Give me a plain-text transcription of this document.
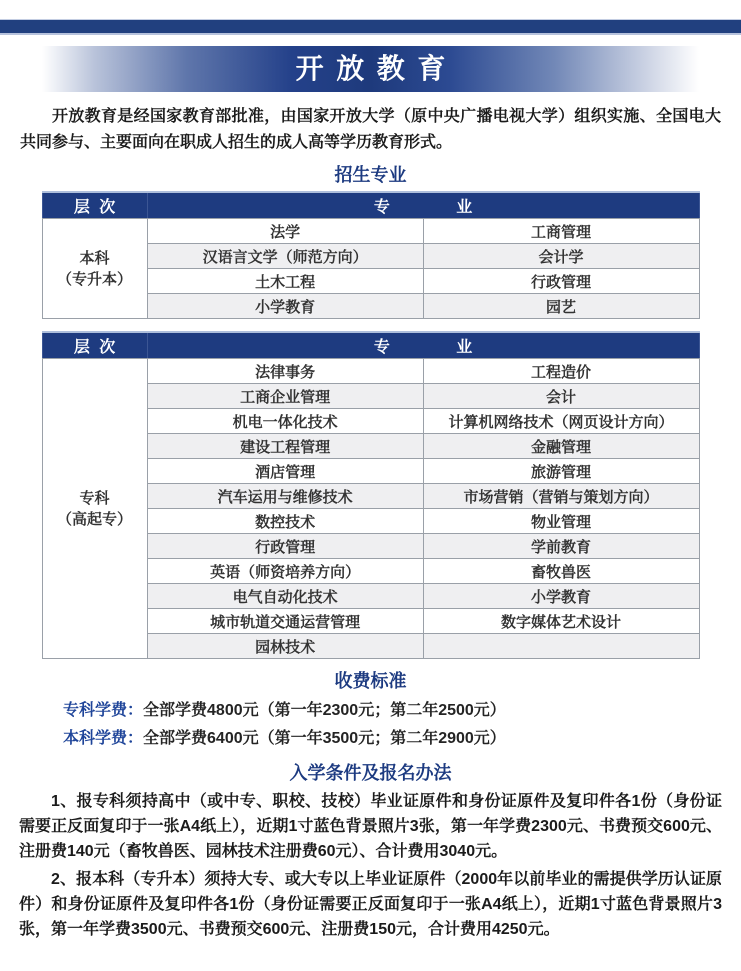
开放教育

开放教育是经国家教育部批准，由国家开放大学（原中央广播电视大学）组织实施、全国电大共同参与、主要面向在职成人招生的成人高等学历教育形式。

招生专业
层 次	专 业	

本科
（专升本）	法学	工商管理
	汉语言文学（师范方向）	会计学
	土木工程	行政管理
	小学教育	园艺
层 次	专 业	

专科
（高起专）	法律事务	工程造价
	工商企业管理	会计
	机电一体化技术	计算机网络技术（网页设计方向）
	建设工程管理	金融管理
	酒店管理	旅游管理
	汽车运用与维修技术	市场营销（营销与策划方向）
	数控技术	物业管理
	行政管理	学前教育
	英语（师资培养方向）	畜牧兽医
	电气自动化技术	小学教育
	城市轨道交通运营管理	数字媒体艺术设计
	园林技术	
收费标准
专科学费：全部学费4800元（第一年2300元；第二年2500元）
本科学费：全部学费6400元（第一年3500元；第二年2900元）
入学条件及报名办法

1、报专科须持高中（或中专、职校、技校）毕业证原件和身份证原件及复印件各1份（身份证需要正反面复印于一张A4纸上），近期1寸蓝色背景照片3张，第一年学费2300元、书费预交600元、注册费140元（畜牧兽医、园林技术注册费60元）、合计费用3040元。

2、报本科（专升本）须持大专、或大专以上毕业证原件（2000年以前毕业的需提供学历认证原件）和身份证原件及复印件各1份（身份证需要正反面复印于一张A4纸上），近期1寸蓝色背景照片3张，第一年学费3500元、书费预交600元、注册费150元，合计费用4250元。
